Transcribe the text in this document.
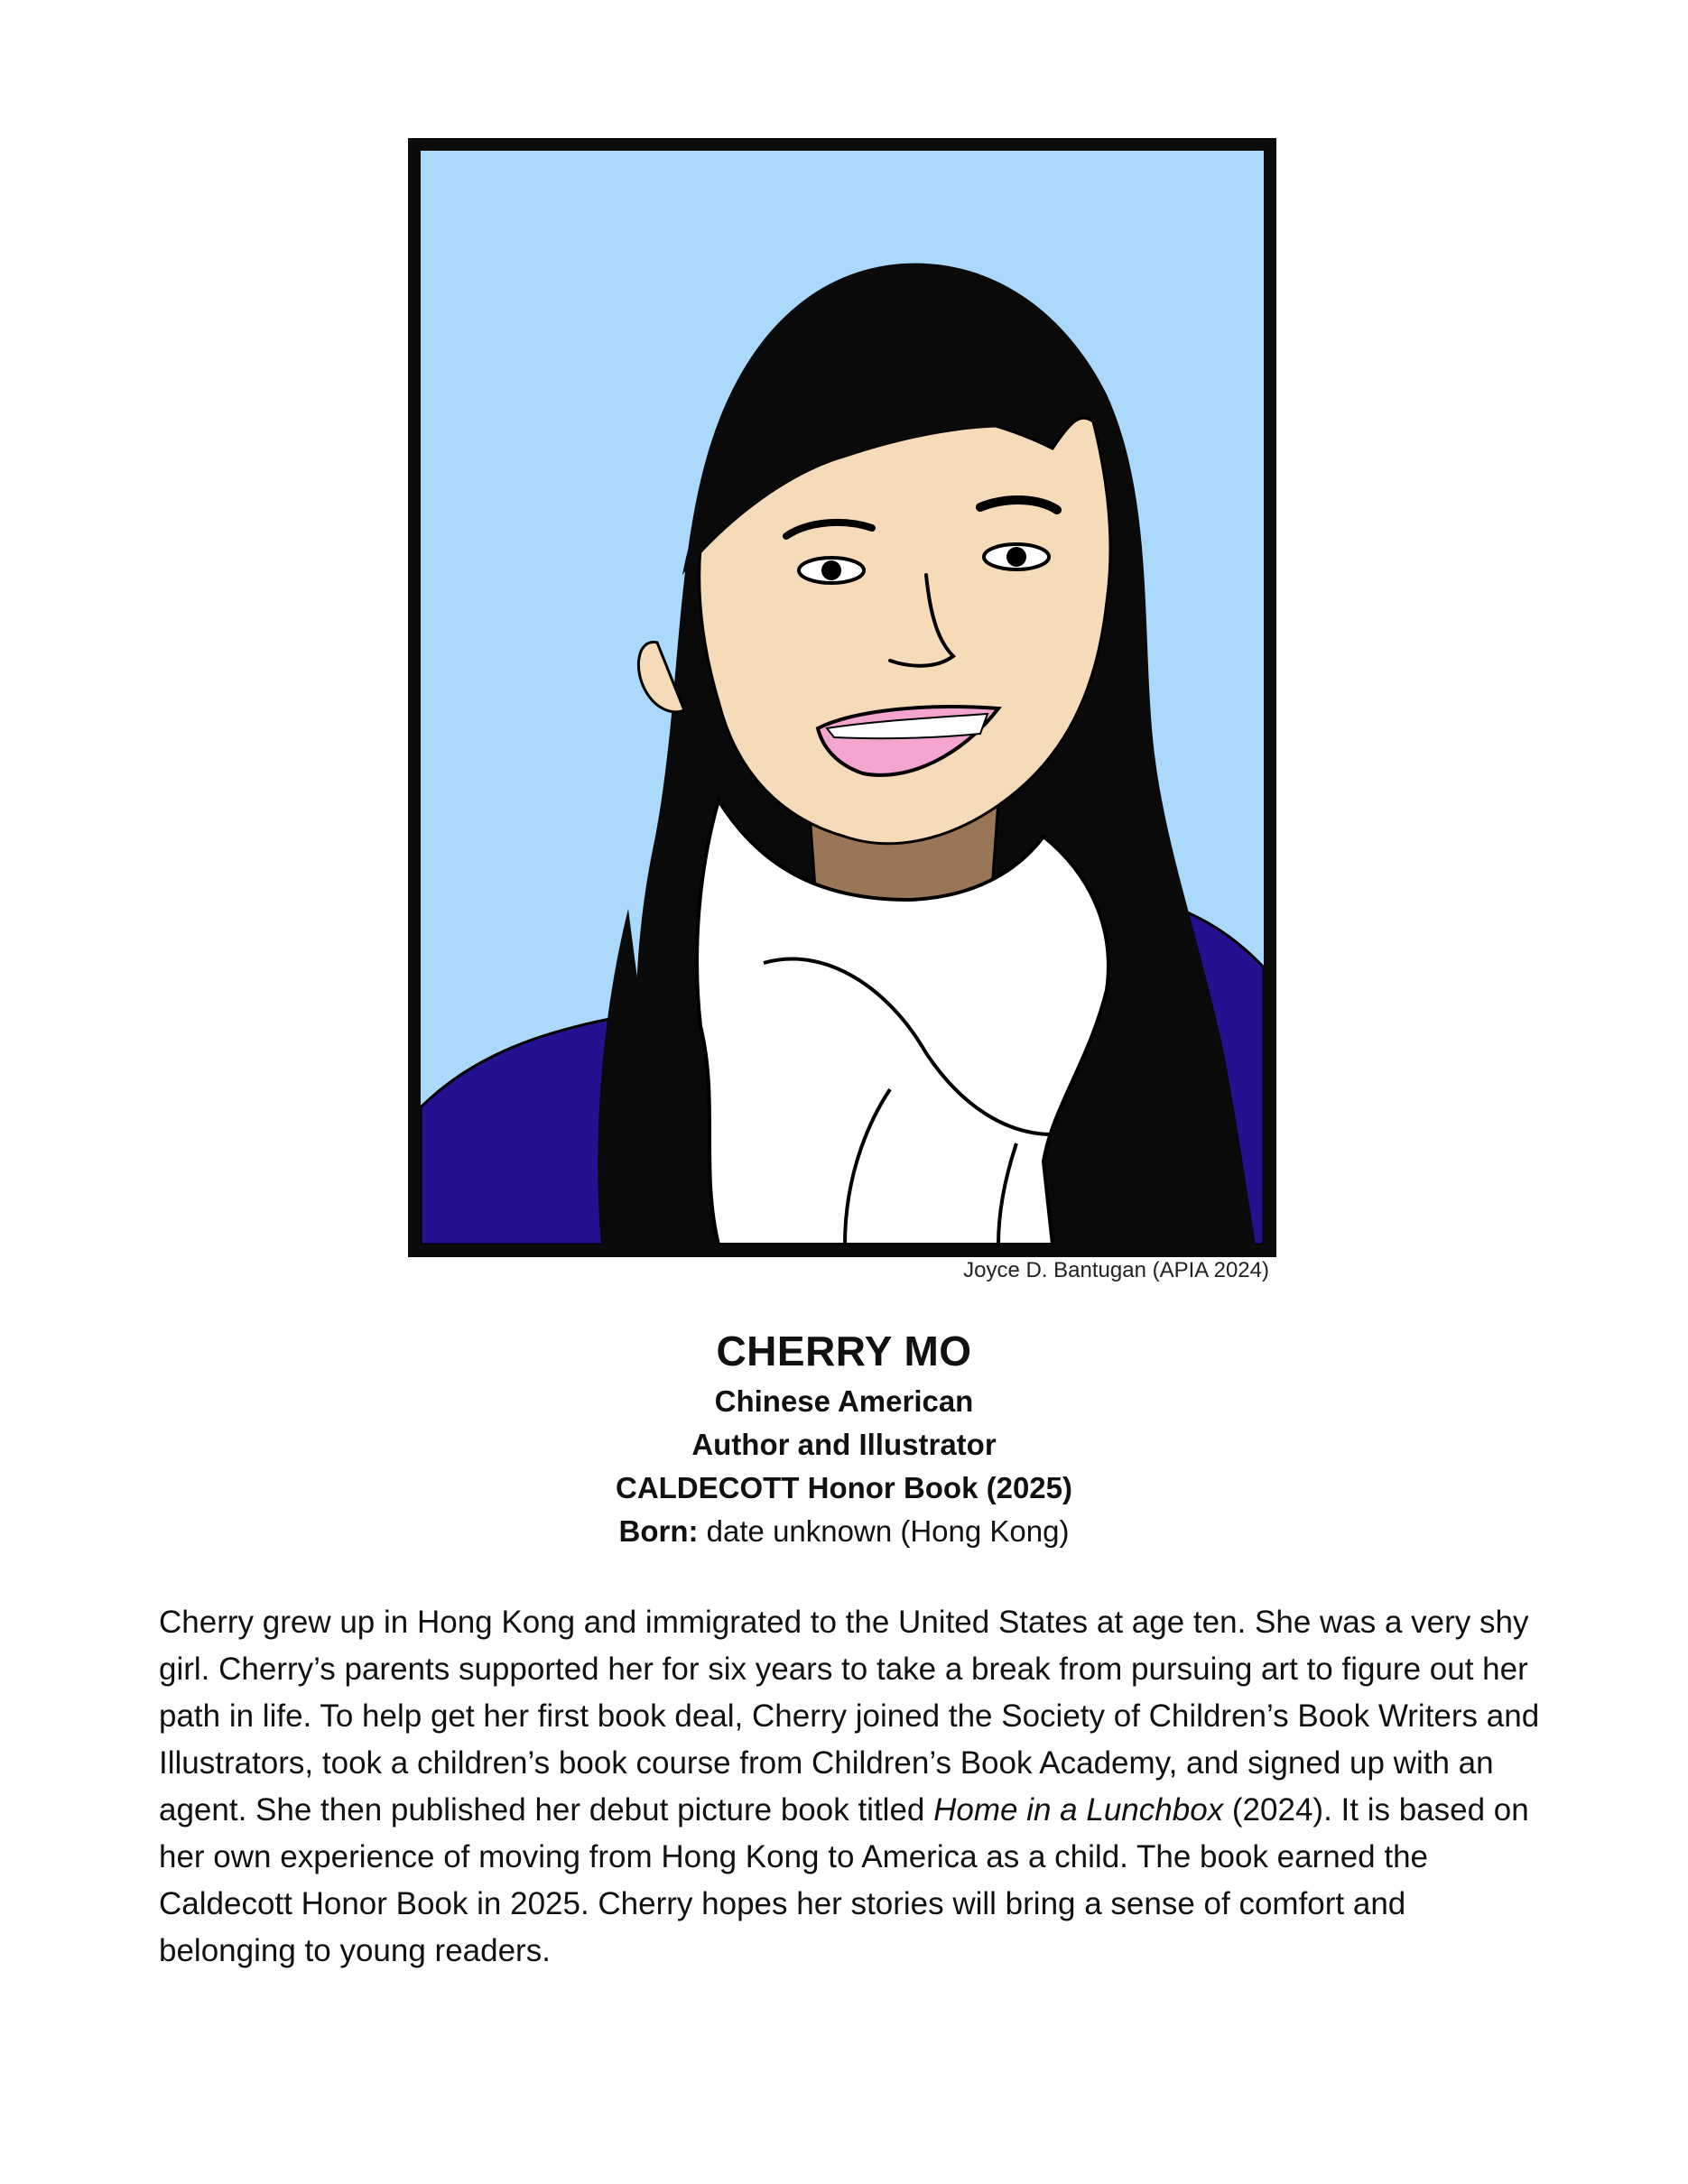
Joyce D. Bantugan (APIA 2024)
CHERRY MO
Chinese American
Author and Illustrator
CALDECOTT Honor Book (2025)
Born: date unknown (Hong Kong)

Cherry grew up in Hong Kong and immigrated to the United States at age ten. She was a very shy girl. Cherry’s parents supported her for six years to take a break from pursuing art to figure out her path in life. To help get her first book deal, Cherry joined the Society of Children’s Book Writers and Illustrators, took a children’s book course from Children’s Book Academy, and signed up with an agent. She then published her debut picture book titled Home in a Lunchbox (2024). It is based on her own experience of moving from Hong Kong to America as a child. The book earned the Caldecott Honor Book in 2025. Cherry hopes her stories will bring a sense of comfort and belonging to young readers.
